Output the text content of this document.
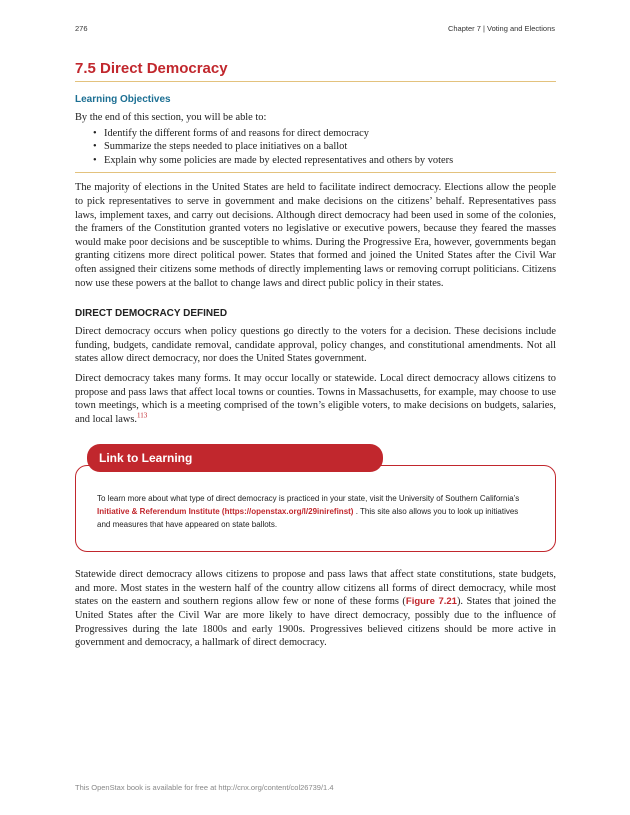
276	Chapter 7 | Voting and Elections
7.5 Direct Democracy
Learning Objectives

By the end of this section, you will be able to:

• Identify the different forms of and reasons for direct democracy
• Summarize the steps needed to place initiatives on a ballot
• Explain why some policies are made by elected representatives and others by voters

The majority of elections in the United States are held to facilitate indirect democracy. Elections allow the people to pick representatives to serve in government and make decisions on the citizens’ behalf. Representatives pass laws, implement taxes, and carry out decisions. Although direct democracy had been used in some of the colonies, the framers of the Constitution granted voters no legislative or executive powers, because they feared the masses would make poor decisions and be susceptible to whims. During the Progressive Era, however, governments began granting citizens more direct political power. States that formed and joined the United States after the Civil War often assigned their citizens some methods of directly implementing laws or removing corrupt politicians. Citizens now use these powers at the ballot to change laws and direct public policy in their states.

DIRECT DEMOCRACY DEFINED

Direct democracy occurs when policy questions go directly to the voters for a decision. These decisions include funding, budgets, candidate removal, candidate approval, policy changes, and constitutional amendments. Not all states allow direct democracy, nor does the United States government.

Direct democracy takes many forms. It may occur locally or statewide. Local direct democracy allows citizens to propose and pass laws that affect local towns or counties. Towns in Massachusetts, for example, may choose to use town meetings, which is a meeting comprised of the town’s eligible voters, to make decisions on budgets, salaries, and local laws.$^{113}$

Link to Learning
To learn more about what type of direct democracy is practiced in your state, visit the University of Southern California’s Initiative & Referendum Institute (https://openstax.org/l/29inirefinst) . This site also allows you to look up initiatives and measures that have appeared on state ballots.

Statewide direct democracy allows citizens to propose and pass laws that affect state constitutions, state budgets, and more. Most states in the western half of the country allow citizens all forms of direct democracy, while most states on the eastern and southern regions allow few or none of these forms (Figure 7.21). States that joined the United States after the Civil War are more likely to have direct democracy, possibly due to the influence of Progressives during the late 1800s and early 1900s. Progressives believed citizens should be more active in government and democracy, a hallmark of direct democracy.

This OpenStax book is available for free at http://cnx.org/content/col26739/1.4
